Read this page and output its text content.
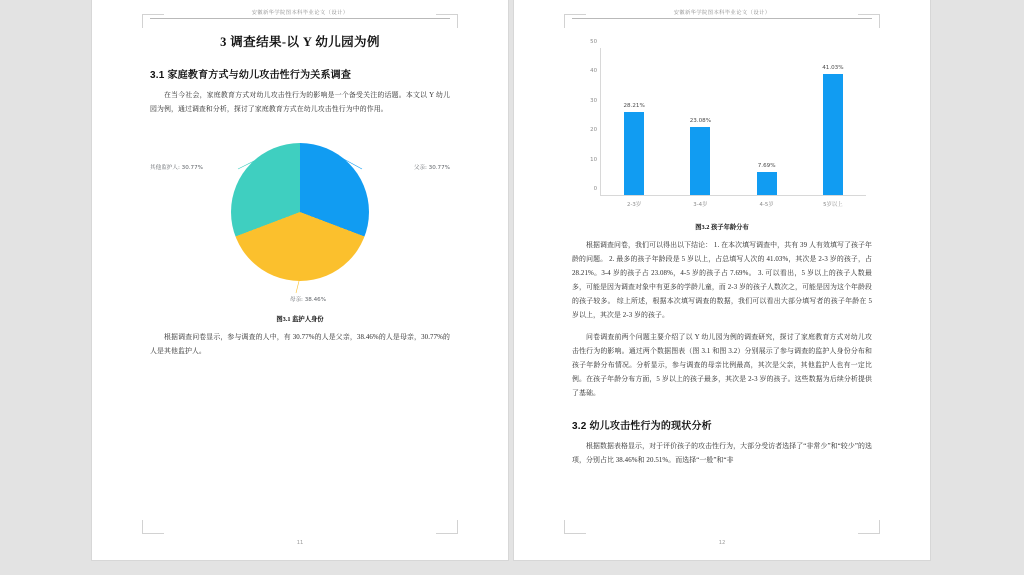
安徽新华学院图本科毕业论文（设计）
3 调查结果-以 Y 幼儿园为例
3.1 家庭教育方式与幼儿攻击性行为关系调查

在当今社会，家庭教育方式对幼儿攻击性行为的影响是一个备受关注的话题。本文以 Y 幼儿园为例，通过调查和分析，探讨了家庭教育方式在幼儿攻击性行为中的作用。

其他监护人: 30.77%	父亲: 30.77%
母亲: 38.46%
图3.1 监护人身份

根据调查问卷显示，参与调查的人中，有 30.77%的人是父亲，38.46%的人是母亲，30.77%的人是其他监护人。

11
安徽新华学院图本科毕业论文（设计）
28.21%
2-3岁
23.08%
3-4岁
7.69%
4-5岁
41.03%
5岁以上
50
40
30
20
10
0
图3.2 孩子年龄分布

根据调查问卷，我们可以得出以下结论： 1. 在本次填写调查中，共有 39 人有效填写了孩子年龄的问题。 2. 最多的孩子年龄段是 5 岁以上，占总填写人次的 41.03%，其次是 2-3 岁的孩子，占 28.21%。3-4 岁的孩子占 23.08%，4-5 岁的孩子占 7.69%。 3. 可以看出，5 岁以上的孩子人数最多，可能是因为调查对象中有更多的学龄儿童，而 2-3 岁的孩子人数次之，可能是因为这个年龄段的孩子较多。 综上所述，根据本次填写调查的数据，我们可以看出大部分填写者的孩子年龄在 5 岁以上，其次是 2-3 岁的孩子。

问卷调查前两个问题主要介绍了以 Y 幼儿园为例的调查研究，探讨了家庭教育方式对幼儿攻击性行为的影响。通过两个数据图表（图 3.1 和图 3.2）分别展示了参与调查的监护人身份分布和孩子年龄分布情况。分析显示，参与调查的母亲比例最高，其次是父亲，其他监护人也有一定比例。在孩子年龄分布方面，5 岁以上的孩子最多，其次是 2-3 岁的孩子。这些数据为后续分析提供了基础。

3.2 幼儿攻击性行为的现状分析

根据数据表格显示，对于评价孩子的攻击性行为，大部分受访者选择了“非常少”和“较少”的选项，分别占比 38.46%和 20.51%。而选择“一般”和“非

12
